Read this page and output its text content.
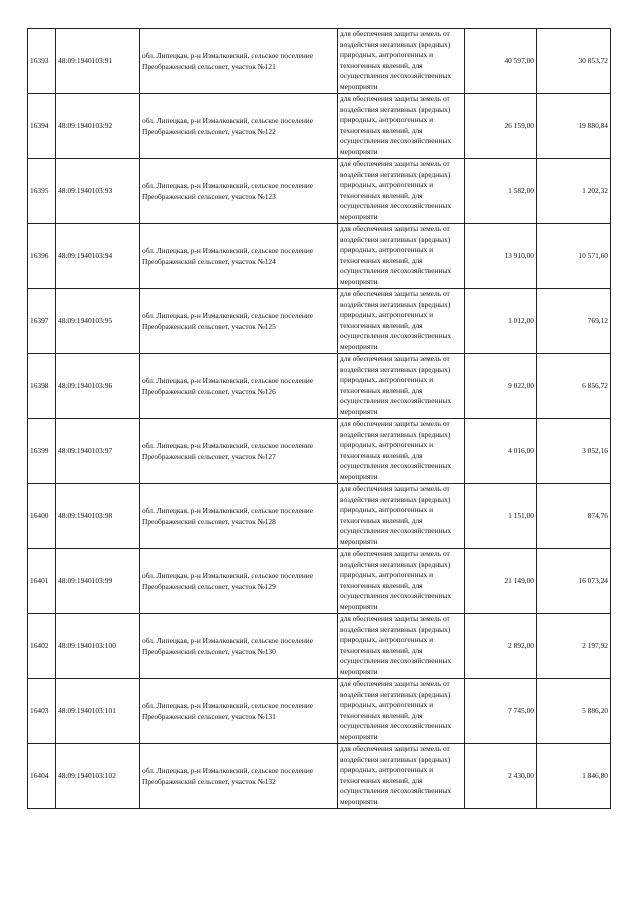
16393	48:09:1940103:91	обл. Липецкая, р-н Измалковский, сельское поселение Преображенский сельсовет, участок №121	для обеспечения защиты земель от воздействия негативных (вредных) природных, антропогенных и техногенных явлений, для осуществления лесохозяйственных мероприяти	40 597,00	30 853,72
16394	48:09:1940103:92	обл. Липецкая, р-н Измалковский, сельское поселение Преображенский сельсовет, участок №122	для обеспечения защиты земель от воздействия негативных (вредных) природных, антропогенных и техногенных явлений, для осуществления лесохозяйственных мероприяти	26 159,00	19 880,84
16395	48:09:1940103:93	обл. Липецкая, р-н Измалковский, сельское поселение Преображенский сельсовет, участок №123	для обеспечения защиты земель от воздействия негативных (вредных) природных, антропогенных и техногенных явлений, для осуществления лесохозяйственных мероприяти	1 582,00	1 202,32
16396	48:09:1940103:94	обл. Липецкая, р-н Измалковский, сельское поселение Преображенский сельсовет, участок №124	для обеспечения защиты земель от воздействия негативных (вредных) природных, антропогенных и техногенных явлений, для осуществления лесохозяйственных мероприяти	13 910,00	10 571,60
16397	48:09:1940103:95	обл. Липецкая, р-н Измалковский, сельское поселение Преображенский сельсовет, участок №125	для обеспечения защиты земель от воздействия негативных (вредных) природных, антропогенных и техногенных явлений, для осуществления лесохозяйственных мероприяти	1 012,00	769,12
16398	48:09:1940103:96	обл. Липецкая, р-н Измалковский, сельское поселение Преображенский сельсовет, участок №126	для обеспечения защиты земель от воздействия негативных (вредных) природных, антропогенных и техногенных явлений, для осуществления лесохозяйственных мероприяти	9 022,00	6 856,72
16399	48:09:1940103:97	обл. Липецкая, р-н Измалковский, сельское поселение Преображенский сельсовет, участок №127	для обеспечения защиты земель от воздействия негативных (вредных) природных, антропогенных и техногенных явлений, для осуществления лесохозяйственных мероприяти	4 016,00	3 052,16
16400	48:09:1940103:98	обл. Липецкая, р-н Измалковский, сельское поселение Преображенский сельсовет, участок №128	для обеспечения защиты земель от воздействия негативных (вредных) природных, антропогенных и техногенных явлений, для осуществления лесохозяйственных мероприяти	1 151,00	874,76
16401	48:09:1940103:99	обл. Липецкая, р-н Измалковский, сельское поселение Преображенский сельсовет, участок №129	для обеспечения защиты земель от воздействия негативных (вредных) природных, антропогенных и техногенных явлений, для осуществления лесохозяйственных мероприяти	21 149,00	16 073,24
16402	48:09:1940103:100	обл. Липецкая, р-н Измалковский, сельское поселение Преображенский сельсовет, участок №130	для обеспечения защиты земель от воздействия негативных (вредных) природных, антропогенных и техногенных явлений, для осуществления лесохозяйственных мероприяти	2 892,00	2 197,92
16403	48:09:1940103:101	обл. Липецкая, р-н Измалковский, сельское поселение Преображенский сельсовет, участок №131	для обеспечения защиты земель от воздействия негативных (вредных) природных, антропогенных и техногенных явлений, для осуществления лесохозяйственных мероприяти	7 745,00	5 886,20
16404	48:09:1940103:102	обл. Липецкая, р-н Измалковский, сельское поселение Преображенский сельсовет, участок №132	для обеспечения защиты земель от воздействия негативных (вредных) природных, антропогенных и техногенных явлений, для осуществления лесохозяйственных мероприяти	2 430,00	1 846,80
